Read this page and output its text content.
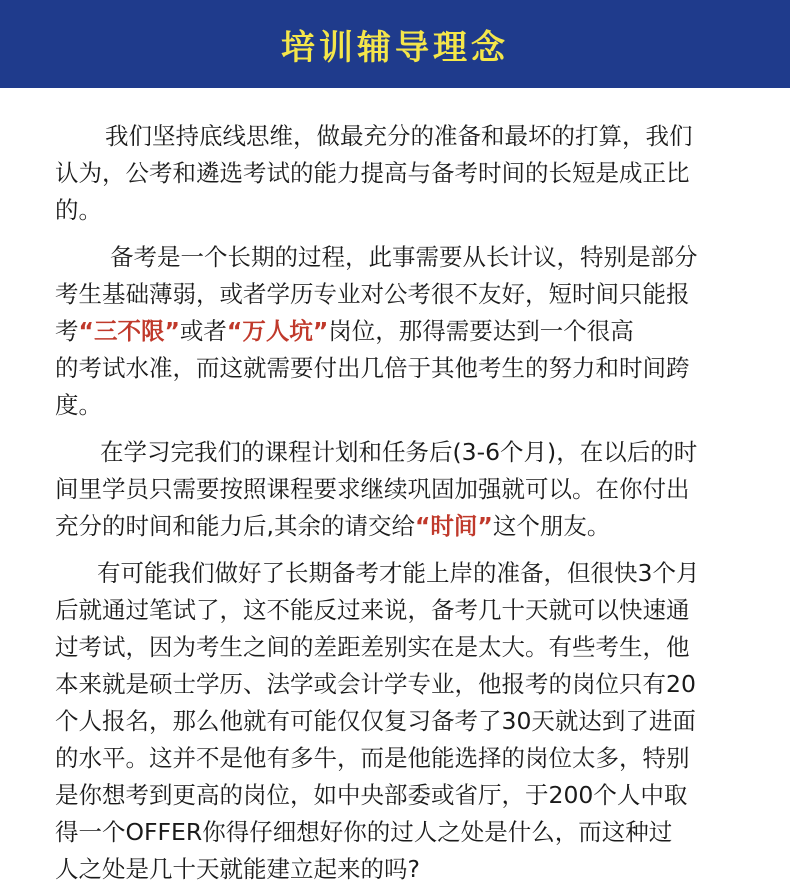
培训辅导理念
我们坚持底线思维，做最充分的准备和最坏的打算，我们
认为，公考和遴选考试的能力提高与备考时间的长短是成正比
的。
备考是一个长期的过程，此事需要从长计议，特别是部分
考生基础薄弱，或者学历专业对公考很不友好，短时间只能报
考“三不限”或者“万人坑”岗位，那得需要达到一个很高
的考试水准，而这就需要付出几倍于其他考生的努力和时间跨
度。
在学习完我们的课程计划和任务后(3-6个月)，在以后的时
间里学员只需要按照课程要求继续巩固加强就可以。在你付出
充分的时间和能力后,其余的请交给“时间”这个朋友。
有可能我们做好了长期备考才能上岸的准备，但很快3个月
后就通过笔试了，这不能反过来说，备考几十天就可以快速通
过考试，因为考生之间的差距差别实在是太大。有些考生，他
本来就是硕士学历、法学或会计学专业，他报考的岗位只有20
个人报名，那么他就有可能仅仅复习备考了30天就达到了进面
的水平。这并不是他有多牛，而是他能选择的岗位太多，特别
是你想考到更高的岗位，如中央部委或省厅，于200个人中取
得一个OFFER你得仔细想好你的过人之处是什么，而这种过
人之处是几十天就能建立起来的吗?
